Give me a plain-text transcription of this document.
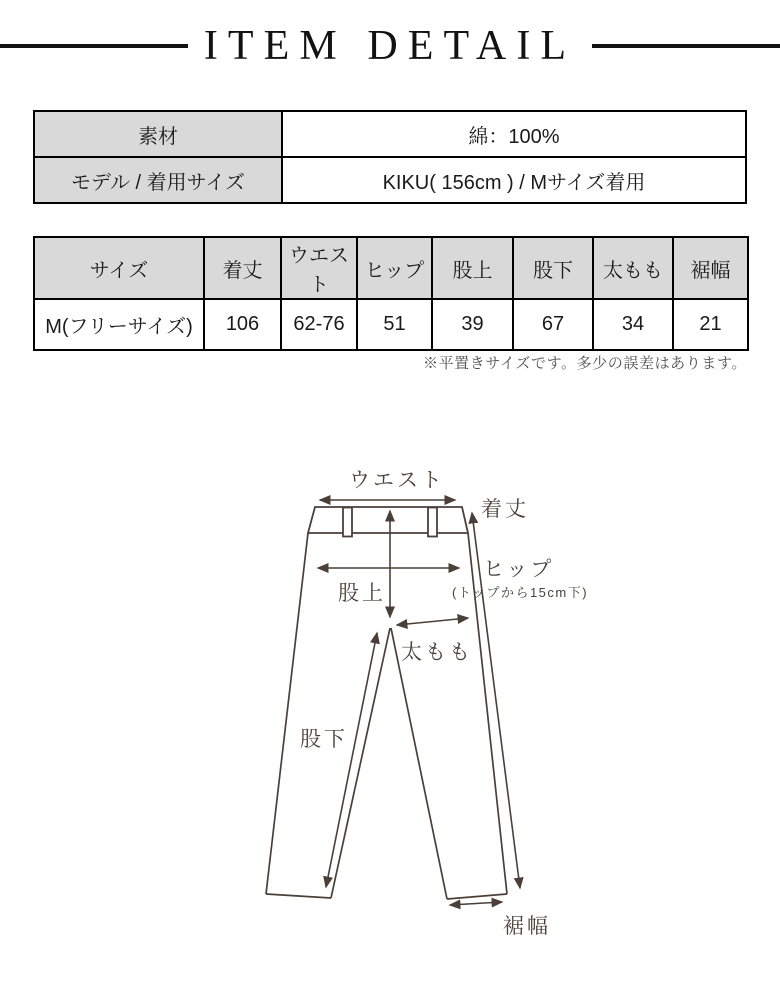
ITEM DETAIL
素材	綿：100%
モデル / 着用サイズ	KIKU( 156cm ) / Mサイズ着用
サイズ	着丈	ウエスト	ヒップ	股上	股下	太もも	裾幅
M(フリーサイズ)	106	62-76	51	39	67	34	21
※平置きサイズです。多少の誤差はあります。
ウエスト
着丈
ヒップ
(トップから15cm下)
股上
太もも
股下
裾幅
